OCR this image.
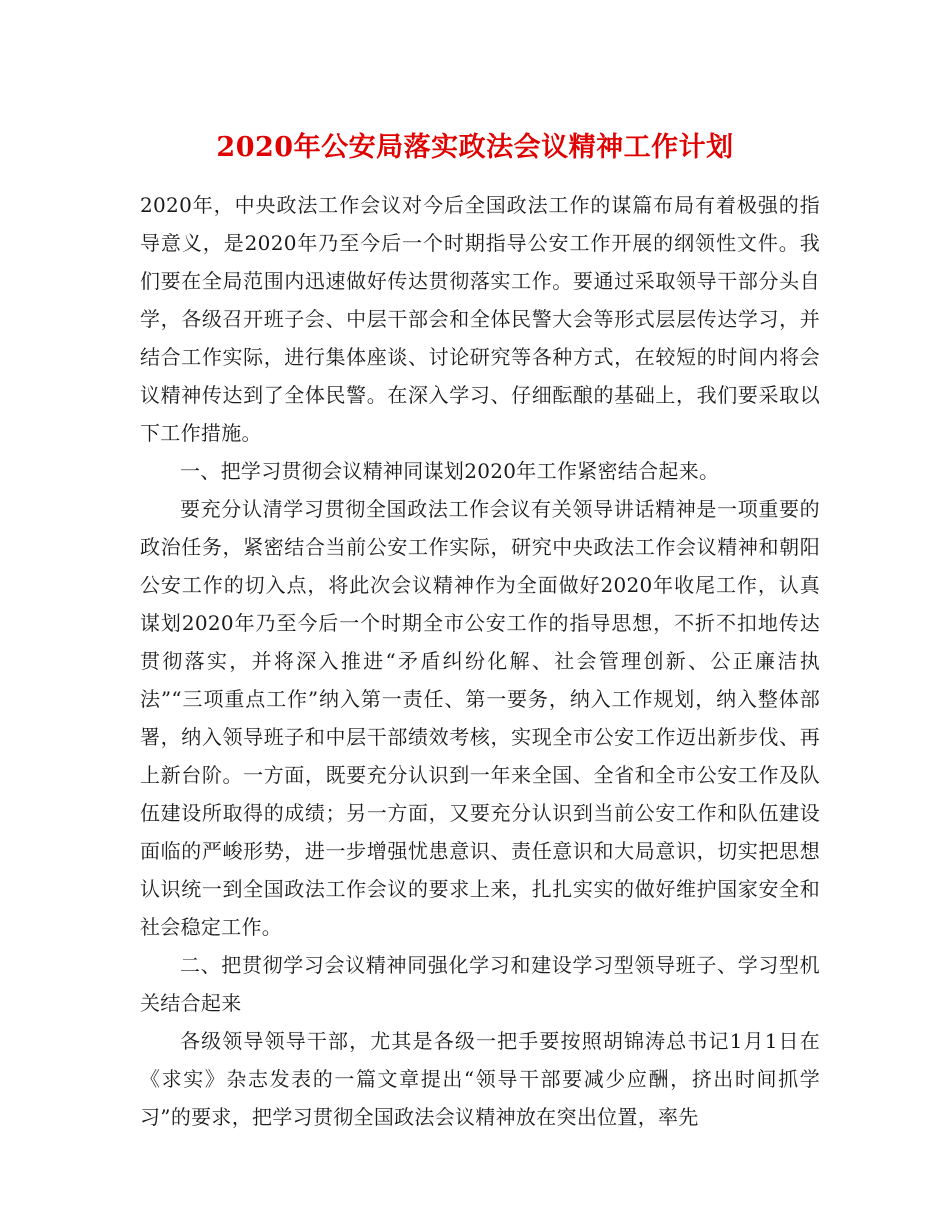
2020年公安局落实政法会议精神工作计划

2020年，中央政法工作会议对今后全国政法工作的谋篇布局有着极强的指导意义，是2020年乃至今后一个时期指导公安工作开展的纲领性文件。我们要在全局范围内迅速做好传达贯彻落实工作。要通过采取领导干部分头自学，各级召开班子会、中层干部会和全体民警大会等形式层层传达学习，并结合工作实际，进行集体座谈、讨论研究等各种方式，在较短的时间内将会议精神传达到了全体民警。在深入学习、仔细酝酿的基础上，我们要采取以下工作措施。

一、把学习贯彻会议精神同谋划2020年工作紧密结合起来。

要充分认清学习贯彻全国政法工作会议有关领导讲话精神是一项重要的政治任务，紧密结合当前公安工作实际，研究中央政法工作会议精神和朝阳公安工作的切入点，将此次会议精神作为全面做好2020年收尾工作，认真谋划2020年乃至今后一个时期全市公安工作的指导思想，不折不扣地传达贯彻落实，并将深入推进“矛盾纠纷化解、社会管理创新、公正廉洁执法”“三项重点工作”纳入第一责任、第一要务，纳入工作规划，纳入整体部署，纳入领导班子和中层干部绩效考核，实现全市公安工作迈出新步伐、再上新台阶。一方面，既要充分认识到一年来全国、全省和全市公安工作及队伍建设所取得的成绩；另一方面，又要充分认识到当前公安工作和队伍建设面临的严峻形势，进一步增强忧患意识、责任意识和大局意识，切实把思想认识统一到全国政法工作会议的要求上来，扎扎实实的做好维护国家安全和社会稳定工作。

二、把贯彻学习会议精神同强化学习和建设学习型领导班子、学习型机关结合起来

各级领导领导干部，尤其是各级一把手要按照胡锦涛总书记1月1日在《求实》杂志发表的一篇文章提出“领导干部要减少应酬，挤出时间抓学习”的要求，把学习贯彻全国政法会议精神放在突出位置，率先
